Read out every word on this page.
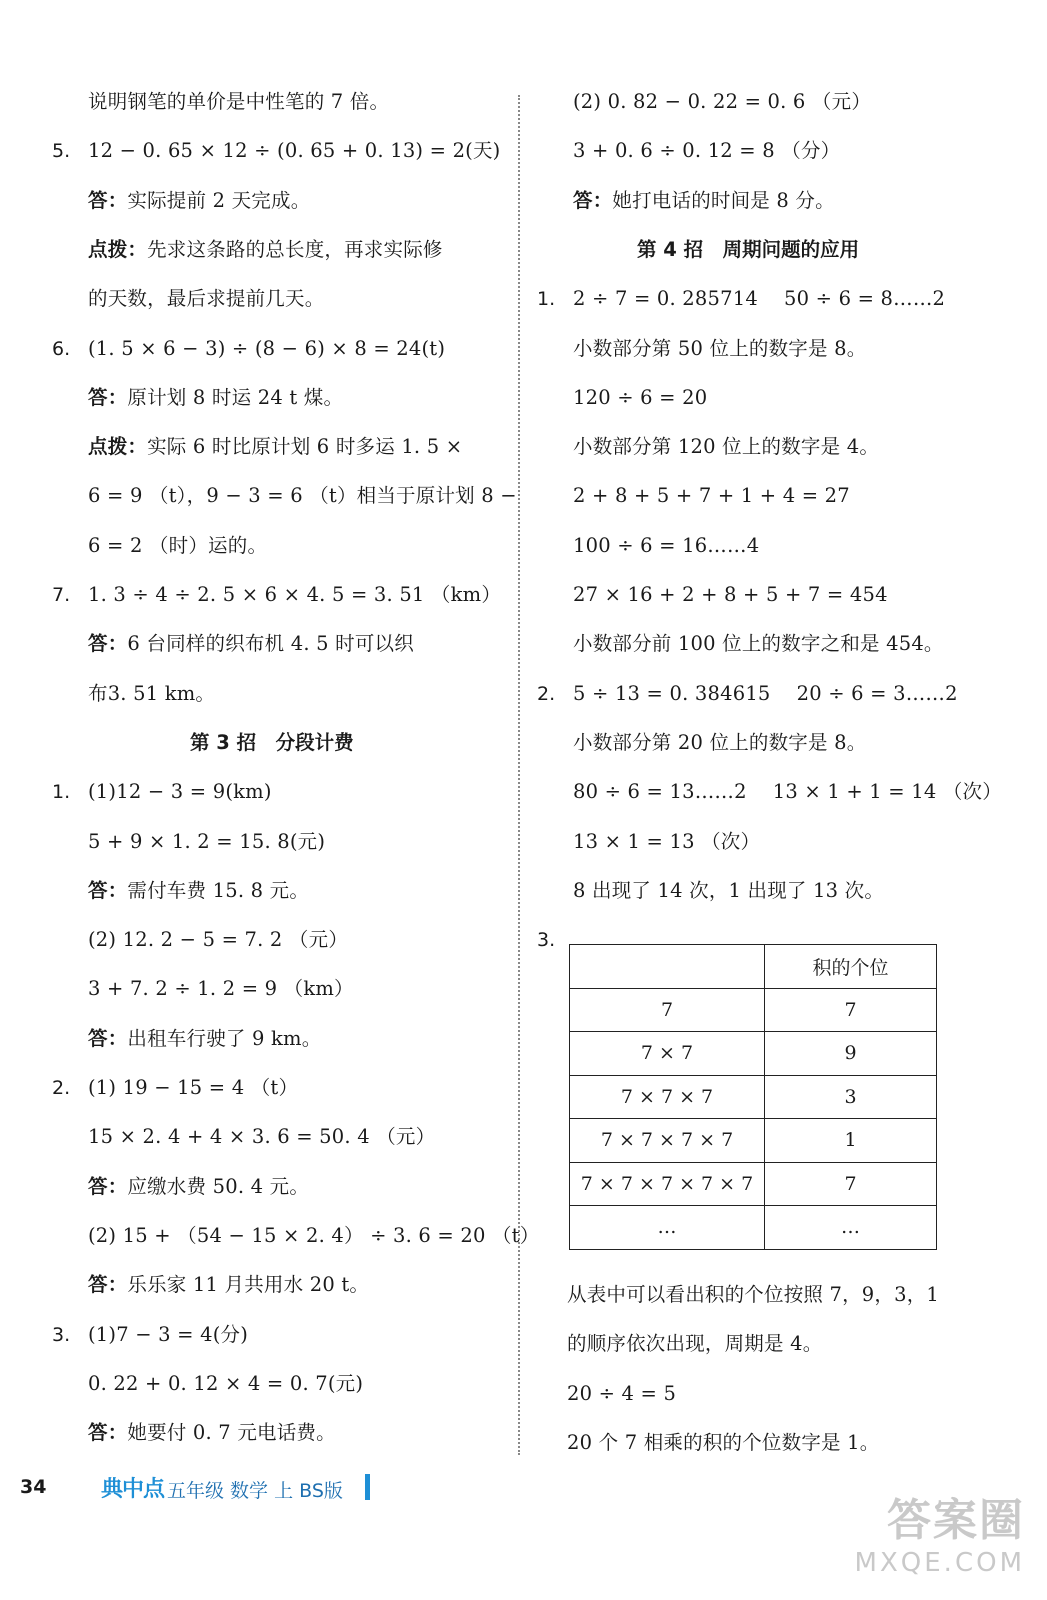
说明钢笔的单价是中性笔的 7 倍。
5. 12 − 0. 65 × 12 ÷ (0. 65 + 0. 13) = 2(天)
答：实际提前 2 天完成。
点拨：先求这条路的总长度，再求实际修
的天数，最后求提前几天。
6. (1. 5 × 6 − 3) ÷ (8 − 6) × 8 = 24(t)
答：原计划 8 时运 24 t 煤。
点拨：实际 6 时比原计划 6 时多运 1. 5 ×
6 = 9 （t），9 − 3 = 6 （t）相当于原计划 8 −
6 = 2 （时）运的。
7. 1. 3 ÷ 4 ÷ 2. 5 × 6 × 4. 5 = 3. 51 （km）
答：6 台同样的织布机 4. 5 时可以织
布3. 51 km。
第 3 招　分段计费
1. (1)12 − 3 = 9(km)
5 + 9 × 1. 2 = 15. 8(元)
答：需付车费 15. 8 元。
(2) 12. 2 − 5 = 7. 2 （元）
3 + 7. 2 ÷ 1. 2 = 9 （km）
答：出租车行驶了 9 km。
2. (1) 19 − 15 = 4 （t）
15 × 2. 4 + 4 × 3. 6 = 50. 4 （元）
答：应缴水费 50. 4 元。
(2) 15 + （54 − 15 × 2. 4） ÷ 3. 6 = 20 （t）
答：乐乐家 11 月共用水 20 t。
3. (1)7 − 3 = 4(分)
0. 22 + 0. 12 × 4 = 0. 7(元)
答：她要付 0. 7 元电话费。
(2) 0. 82 − 0. 22 = 0. 6 （元）
3 + 0. 6 ÷ 0. 12 = 8 （分）
答：她打电话的时间是 8 分。
第 4 招　周期问题的应用
1. 2 ÷ 7 = 0. 285714　 50 ÷ 6 = 8……2
小数部分第 50 位上的数字是 8。
120 ÷ 6 = 20
小数部分第 120 位上的数字是 4。
2 + 8 + 5 + 7 + 1 + 4 = 27
100 ÷ 6 = 16……4
27 × 16 + 2 + 8 + 5 + 7 = 454
小数部分前 100 位上的数字之和是 454。
2. 5 ÷ 13 = 0. 384615　 20 ÷ 6 = 3……2
小数部分第 20 位上的数字是 8。
80 ÷ 6 = 13……2　 13 × 1 + 1 = 14 （次）
13 × 1 = 13 （次）
8 出现了 14 次，1 出现了 13 次。
3.
从表中可以看出积的个位按照 7，9，3，1
的顺序依次出现，周期是 4。
20 ÷ 4 = 5
20 个 7 相乘的积的个位数字是 1。
	积的个位
7	7
7 × 7	9
7 × 7 × 7	3
7 × 7 × 7 × 7	1
7 × 7 × 7 × 7 × 7	7
…	…
34 典中点 五年级 数学 上 BS版
答案圈
MXQE.COM
